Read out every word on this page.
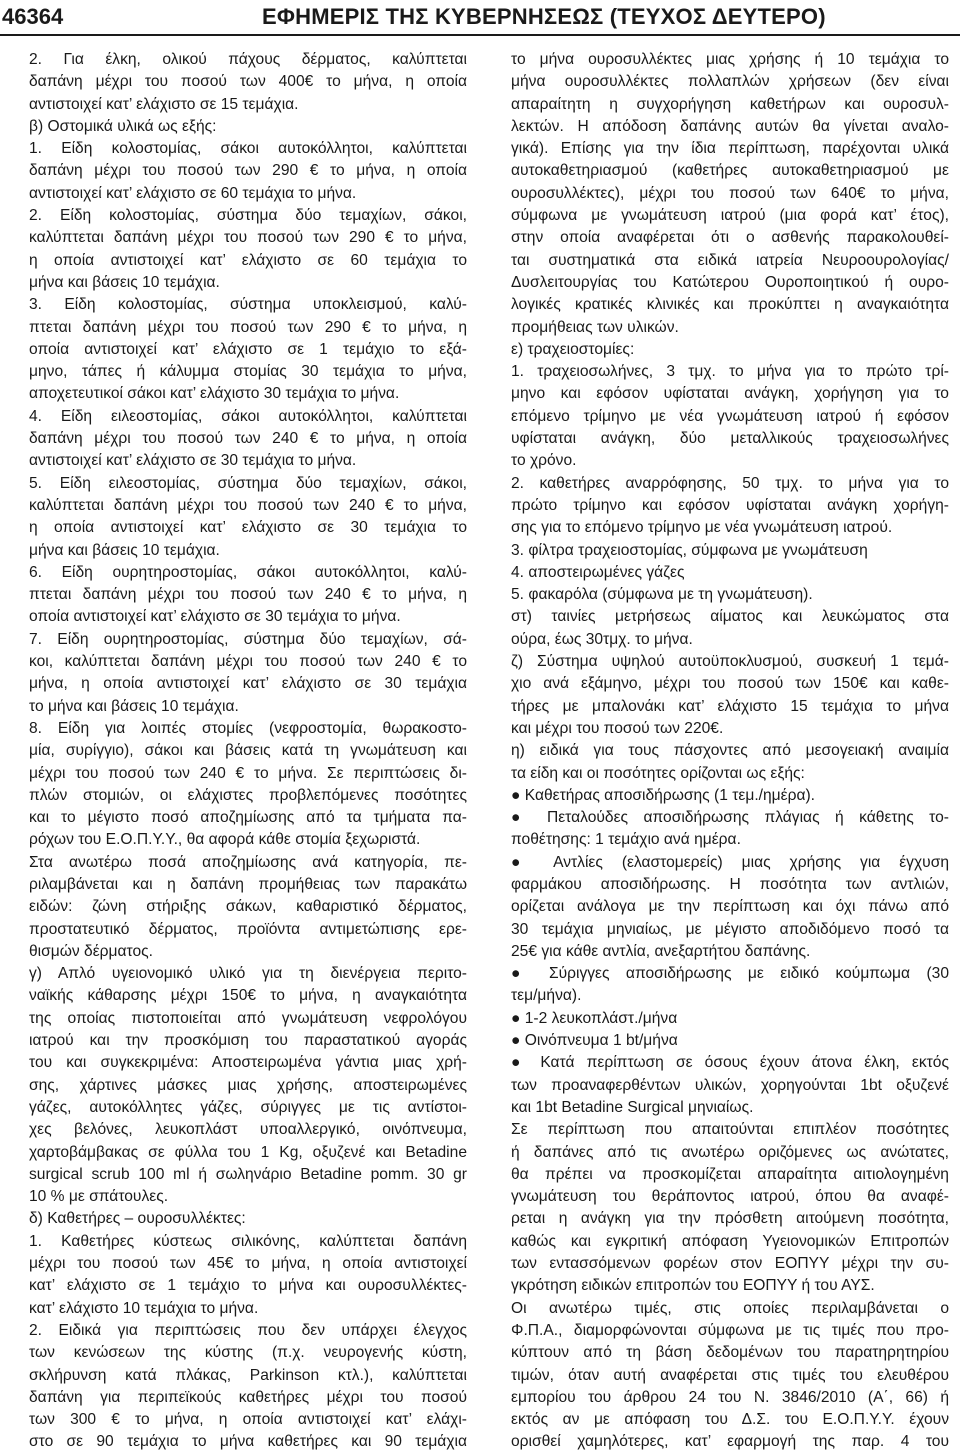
46364	ΕΦΗΜΕΡΙΣ ΤΗΣ ΚΥΒΕΡΝΗΣΕΩΣ (ΤΕΥΧΟΣ ΔΕΥΤΕΡΟ)
2. Για έλκη, ολικού πάχους δέρματος, καλύπτεται
δαπάνη μέχρι του ποσού των 400€ το μήνα, η οποία
αντιστοιχεί κατ’ ελάχιστο σε 15 τεμάχια.
β) Οστομικά υλικά ως εξής:
1. Είδη κολοστομίας, σάκοι αυτοκόλλητοι, καλύπτεται
δαπάνη μέχρι του ποσού των 290 € το μήνα, η οποία
αντιστοιχεί κατ’ ελάχιστο σε 60 τεμάχια το μήνα.
2. Είδη κολοστομίας, σύστημα δύο τεμαχίων, σάκοι,
καλύπτεται δαπάνη μέχρι του ποσού των 290 € το μήνα,
η οποία αντιστοιχεί κατ’ ελάχιστο σε 60 τεμάχια το
μήνα και βάσεις 10 τεμάχια.
3. Είδη κολοστομίας, σύστημα υποκλεισμού, καλύ-
πτεται δαπάνη μέχρι του ποσού των 290 € το μήνα, η
οποία αντιστοιχεί κατ’ ελάχιστο σε 1 τεμάχιο το εξά-
μηνο, τάπες ή κάλυμμα στομίας 30 τεμάχια το μήνα,
αποχετευτικοί σάκοι κατ’ ελάχιστο 30 τεμάχια το μήνα.
4. Είδη ειλεοστομίας, σάκοι αυτοκόλλητοι, καλύπτεται
δαπάνη μέχρι του ποσού των 240 € το μήνα, η οποία
αντιστοιχεί κατ’ ελάχιστο σε 30 τεμάχια το μήνα.
5. Είδη ειλεοστομίας, σύστημα δύο τεμαχίων, σάκοι,
καλύπτεται δαπάνη μέχρι του ποσού των 240 € το μήνα,
η οποία αντιστοιχεί κατ’ ελάχιστο σε 30 τεμάχια το
μήνα και βάσεις 10 τεμάχια.
6. Είδη ουρητηροστομίας, σάκοι αυτοκόλλητοι, καλύ-
πτεται δαπάνη μέχρι του ποσού των 240 € το μήνα, η
οποία αντιστοιχεί κατ’ ελάχιστο σε 30 τεμάχια το μήνα.
7. Είδη ουρητηροστομίας, σύστημα δύο τεμαχίων, σά-
κοι, καλύπτεται δαπάνη μέχρι του ποσού των 240 € το
μήνα, η οποία αντιστοιχεί κατ’ ελάχιστο σε 30 τεμάχια
το μήνα και βάσεις 10 τεμάχια.
8. Είδη για λοιπές στομίες (νεφροστομία, θωρακοστο-
μία, συρίγγιο), σάκοι και βάσεις κατά τη γνωμάτευση και
μέχρι του ποσού των 240 € το μήνα. Σε περιπτώσεις δι-
πλών στομιών, οι ελάχιστες προβλεπόμενες ποσότητες
και το μέγιστο ποσό αποζημίωσης από τα τμήματα πα-
ρόχων του Ε.Ο.Π.Υ.Υ., θα αφορά κάθε στομία ξεχωριστά.
Στα ανωτέρω ποσά αποζημίωσης ανά κατηγορία, πε-
ριλαμβάνεται και η δαπάνη προμήθειας των παρακάτω
ειδών: ζώνη στήριξης σάκων, καθαριστικό δέρματος,
προστατευτικό δέρματος, προϊόντα αντιμετώπισης ερε-
θισμών δέρματος.
γ) Απλό υγειονομικό υλικό για τη διενέργεια περιτο-
ναϊκής κάθαρσης μέχρι 150€ το μήνα, η αναγκαιότητα
της οποίας πιστοποιείται από γνωμάτευση νεφρολόγου
ιατρού και την προσκόμιση του παραστατικού αγοράς
του και συγκεκριμένα: Αποστειρωμένα γάντια μιας χρή-
σης, χάρτινες μάσκες μιας χρήσης, αποστειρωμένες
γάζες, αυτοκόλλητες γάζες, σύριγγες με τις αντίστοι-
χες βελόνες, λευκοπλάστ υποαλλεργικό, οινόπνευμα,
χαρτοβάμβακας σε φύλλα του 1 Kg, οξυζενέ και Betadine
surgical scrub 100 ml ή σωληνάριο Betadine pomm. 30 gr
10 % με σπάτουλες.
δ) Καθετήρες – ουροσυλλέκτες:
1. Καθετήρες κύστεως σιλικόνης, καλύπτεται δαπάνη
μέχρι του ποσού των 45€ το μήνα, η οποία αντιστοιχεί
κατ’ ελάχιστο σε 1 τεμάχιο το μήνα και ουροσυλλέκτες-
κατ’ ελάχιστο 10 τεμάχια το μήνα.
2. Ειδικά για περιπτώσεις που δεν υπάρχει έλεγχος
των κενώσεων της κύστης (π.χ. νευρογενής κύστη,
σκλήρυνση κατά πλάκας, Parkinson κτλ.), καλύπτεται
δαπάνη για περιπεϊκούς καθετήρες μέχρι του ποσού
των 300 € το μήνα, η οποία αντιστοιχεί κατ’ ελάχι-
στο σε 90 τεμάχια το μήνα καθετήρες και 90 τεμάχια
το μήνα ουροσυλλέκτες μιας χρήσης ή 10 τεμάχια το
μήνα ουροσυλλέκτες πολλαπλών χρήσεων (δεν είναι
απαραίτητη η συγχορήγηση καθετήρων και ουροσυλ-
λεκτών. Η απόδοση δαπάνης αυτών θα γίνεται αναλο-
γικά). Επίσης για την ίδια περίπτωση, παρέχονται υλικά
αυτοκαθετηριασμού (καθετήρες αυτοκαθετηριασμού με
ουροσυλλέκτες), μέχρι του ποσού των 640€ το μήνα,
σύμφωνα με γνωμάτευση ιατρού (μια φορά κατ’ έτος),
στην οποία αναφέρεται ότι ο ασθενής παρακολουθεί-
ται συστηματικά στα ειδικά ιατρεία Νευροουρολογίας/
Δυσλειτουργίας του Κατώτερου Ουροποιητικού ή ουρο-
λογικές κρατικές κλινικές και προκύπτει η αναγκαιότητα
προμήθειας των υλικών.
ε) τραχειοστομίες:
1. τραχειοσωλήνες, 3 τμχ. το μήνα για το πρώτο τρί-
μηνο και εφόσον υφίσταται ανάγκη, χορήγηση για το
επόμενο τρίμηνο με νέα γνωμάτευση ιατρού ή εφόσον
υφίσταται ανάγκη, δύο μεταλλικούς τραχειοσωλήνες
το χρόνο.
2. καθετήρες αναρρόφησης, 50 τμχ. το μήνα για το
πρώτο τρίμηνο και εφόσον υφίσταται ανάγκη χορήγη-
σης για το επόμενο τρίμηνο με νέα γνωμάτευση ιατρού.
3. φίλτρα τραχειοστομίας, σύμφωνα με γνωμάτευση
4. αποστειρωμένες γάζες
5. φακαρόλα (σύμφωνα με τη γνωμάτευση).
στ) ταινίες μετρήσεως αίματος και λευκώματος στα
ούρα, έως 30τμχ. το μήνα.
ζ) Σύστημα υψηλού αυτοϋποκλυσμού, συσκευή 1 τεμά-
χιο ανά εξάμηνο, μέχρι του ποσού των 150€ και καθε-
τήρες με μπαλονάκι κατ’ ελάχιστο 15 τεμάχια το μήνα
και μέχρι του ποσού των 220€.
η) ειδικά για τους πάσχοντες από μεσογειακή αναιμία
τα είδη και οι ποσότητες ορίζονται ως εξής:
● Καθετήρας αποσιδήρωσης (1 τεμ./ημέρα).
● Πεταλούδες αποσιδήρωσης πλάγιας ή κάθετης το-
ποθέτησης: 1 τεμάχιο ανά ημέρα.
● Αντλίες (ελαστομερείς) μιας χρήσης για έγχυση
φαρμάκου αποσιδήρωσης. Η ποσότητα των αντλιών,
ορίζεται ανάλογα με την περίπτωση και όχι πάνω από
30 τεμάχια μηνιαίως, με μέγιστο αποδιδόμενο ποσό τα
25€ για κάθε αντλία, ανεξαρτήτου δαπάνης.
● Σύριγγες αποσιδήρωσης με ειδικό κούμπωμα (30
τεμ/μήνα).
● 1-2 λευκοπλάστ./μήνα
● Οινόπνευμα 1 bt/μήνα
● Κατά περίπτωση σε όσους έχουν άτονα έλκη, εκτός
των προαναφερθέντων υλικών, χορηγούνται 1bt οξυζενέ
και 1bt Betadine Surgical μηνιαίως.
Σε περίπτωση που απαιτούνται επιπλέον ποσότητες
ή δαπάνες από τις ανωτέρω οριζόμενες ως ανώτατες,
θα πρέπει να προσκομίζεται απαραίτητα αιτιολογημένη
γνωμάτευση του θεράποντος ιατρού, όπου θα αναφέ-
ρεται η ανάγκη για την πρόσθετη αιτούμενη ποσότητα,
καθώς και εγκριτική απόφαση Υγειονομικών Επιτροπών
των εντασσόμενων φορέων στον ΕΟΠΥΥ μέχρι την συ-
γκρότηση ειδικών επιτροπών του ΕΟΠΥΥ ή του ΑΥΣ.
Οι ανωτέρω τιμές, στις οποίες περιλαμβάνεται ο
Φ.Π.Α., διαμορφώνονται σύμφωνα με τις τιμές που προ-
κύπτουν από τη βάση δεδομένων του παρατηρητηρίου
τιμών, όταν αυτή αναφέρεται στις τιμές του ελευθέρου
εμπορίου του άρθρου 24 του Ν. 3846/2010 (Α΄, 66) ή
εκτός αν με απόφαση του Δ.Σ. του Ε.Ο.Π.Υ.Υ. έχουν
ορισθεί χαμηλότερες, κατ’ εφαρμογή της παρ. 4 του
